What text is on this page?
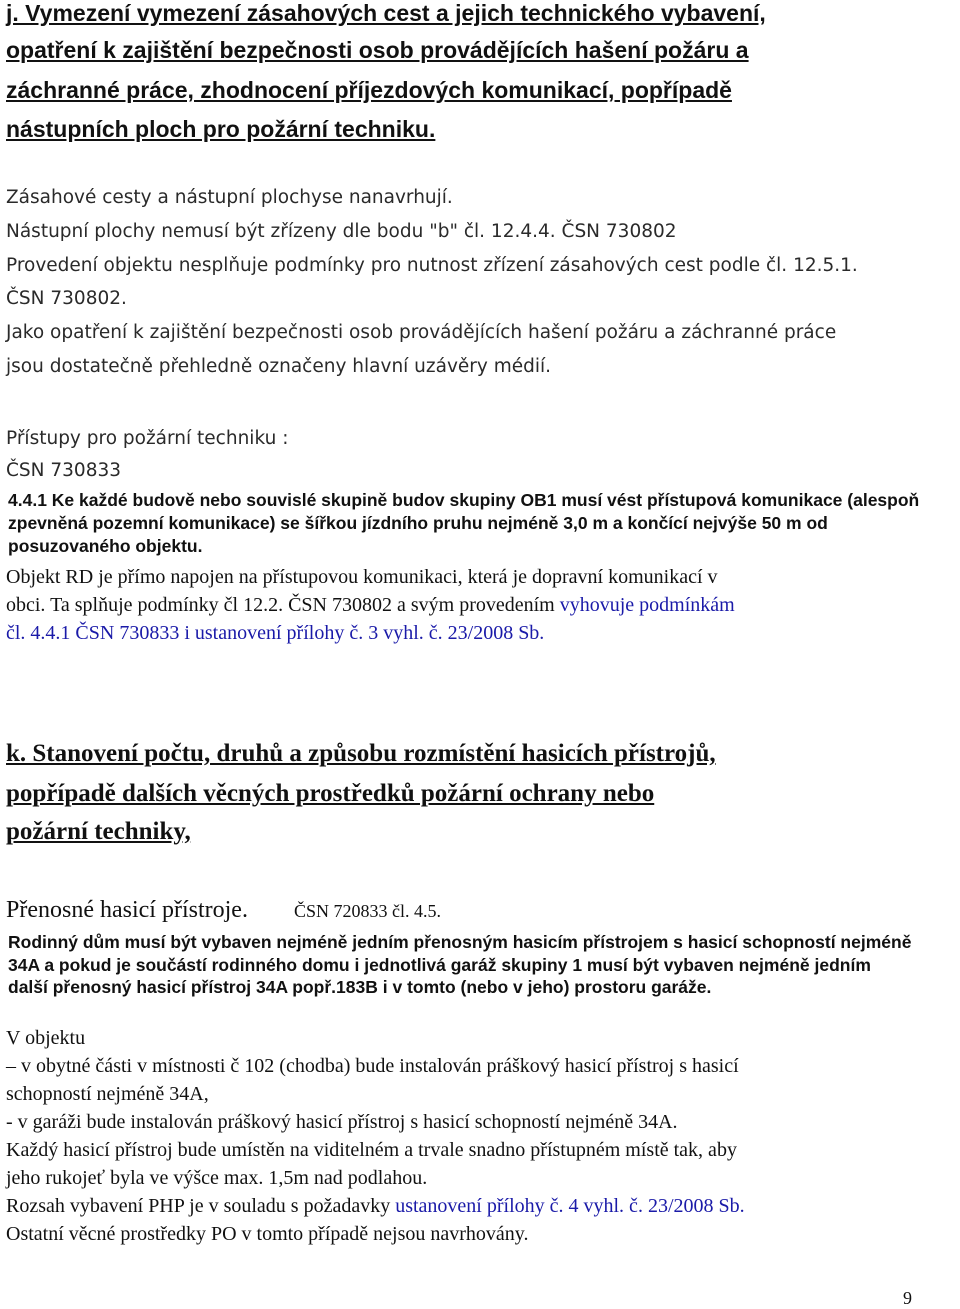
j. Vymezení vymezení zásahových cest a jejich technického vybavení,
opatření k zajištění bezpečnosti osob provádějících hašení požáru a
záchranné práce, zhodnocení příjezdových komunikací, popřípadě
nástupních ploch pro požární techniku.
Zásahové cesty a nástupní plochyse nanavrhují.
Nástupní plochy nemusí být zřízeny dle bodu "b" čl. 12.4.4. ČSN 730802
Provedení objektu nesplňuje podmínky pro nutnost zřízení zásahových cest podle čl. 12.5.1.
ČSN 730802.
Jako opatření k zajištění bezpečnosti osob provádějících hašení požáru a záchranné práce
jsou dostatečně přehledně označeny hlavní uzávěry médií.
Přístupy pro požární techniku :
ČSN 730833
4.4.1 Ke každé budově nebo souvislé skupině budov skupiny OB1 musí vést přístupová komunikace (alespoň
zpevněná pozemní komunikace) se šířkou jízdního pruhu nejméně 3,0 m a končící nejvýše 50 m od
posuzovaného objektu.
Objekt RD je přímo napojen na přístupovou komunikaci, která je dopravní komunikací v
obci. Ta splňuje podmínky čl 12.2. ČSN 730802 a svým provedením vyhovuje podmínkám
čl. 4.4.1 ČSN 730833 i ustanovení přílohy č. 3 vyhl. č. 23/2008 Sb.
k. Stanovení počtu, druhů a způsobu rozmístění hasicích přístrojů,
popřípadě dalších věcných prostředků požární ochrany nebo
požární techniky,
Přenosné hasicí přístroje.	ČSN 720833 čl. 4.5.
Rodinný dům musí být vybaven nejméně jedním přenosným hasicím přístrojem s hasicí schopností nejméně
34A a pokud je součástí rodinného domu i jednotlivá garáž skupiny 1 musí být vybaven nejméně jedním
další přenosný hasicí přístroj 34A popř.183B i v tomto (nebo v jeho) prostoru garáže.
V objektu
– v obytné části v místnosti č 102 (chodba) bude instalován práškový hasicí přístroj s hasicí
schopností nejméně 34A,
- v garáži bude instalován práškový hasicí přístroj s hasicí schopností nejméně 34A.
Každý hasicí přístroj bude umístěn na viditelném a trvale snadno přístupném místě tak, aby
jeho rukojeť byla ve výšce max. 1,5m nad podlahou.
Rozsah vybavení PHP je v souladu s požadavky ustanovení přílohy č. 4 vyhl. č. 23/2008 Sb.
Ostatní věcné prostředky PO v tomto případě nejsou navrhovány.
9
